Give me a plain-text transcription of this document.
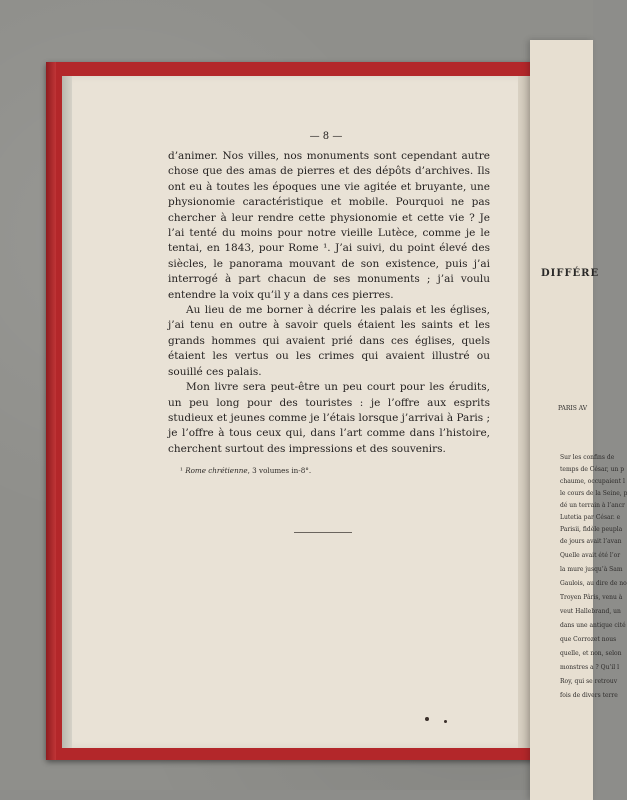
— 8 —

d’animer. Nos villes, nos monuments sont cependant autre chose que des amas de pierres et des dépôts d’archives. Ils ont eu à toutes les époques une vie agitée et bruyante, une physionomie caractéristique et mobile. Pourquoi ne pas chercher à leur rendre cette physionomie et cette vie ? Je l’ai tenté du moins pour notre vieille Lutèce, comme je le tentai, en 1843, pour Rome ¹. J’ai suivi, du point élevé des siècles, le panorama mouvant de son existence, puis j’ai interrogé à part chacun de ses monuments ; j’ai voulu entendre la voix qu’il y a dans ces pierres.

Au lieu de me borner à décrire les palais et les églises, j’ai tenu en outre à savoir quels étaient les saints et les grands hommes qui avaient prié dans ces églises, quels étaient les vertus ou les crimes qui avaient illustré ou souillé ces palais.

Mon livre sera peut-être un peu court pour les érudits, un peu long pour des touristes : je l’offre aux esprits studieux et jeunes comme je l’étais lorsque j’arrivai à Paris ; je l’offre à tous ceux qui, dans l’art comme dans l’histoire, cherchent surtout des impressions et des souvenirs.

¹ Rome chrétienne, 3 volumes in-8°.
DIFFÉRE
PARIS AV
Sur les confins de
temps de César, un p
chaume, occupaient l
le cours de la Seine, p
dé un terrain à l’ancr
Lutetia par César. e
Parisii, fidèle peupla
de jours avait l’avan
Quelle avait été l’or
la mure jusqu’à Sam
Gaulois, au dire de no
Troyen Pâris, venu à
veut Hallebrand, un
dans une antique cité
que Corrozet nous
quelle, et non, selon
monstres a ? Qu’il l
Roy, qui se retrouv
fois de divers terre
